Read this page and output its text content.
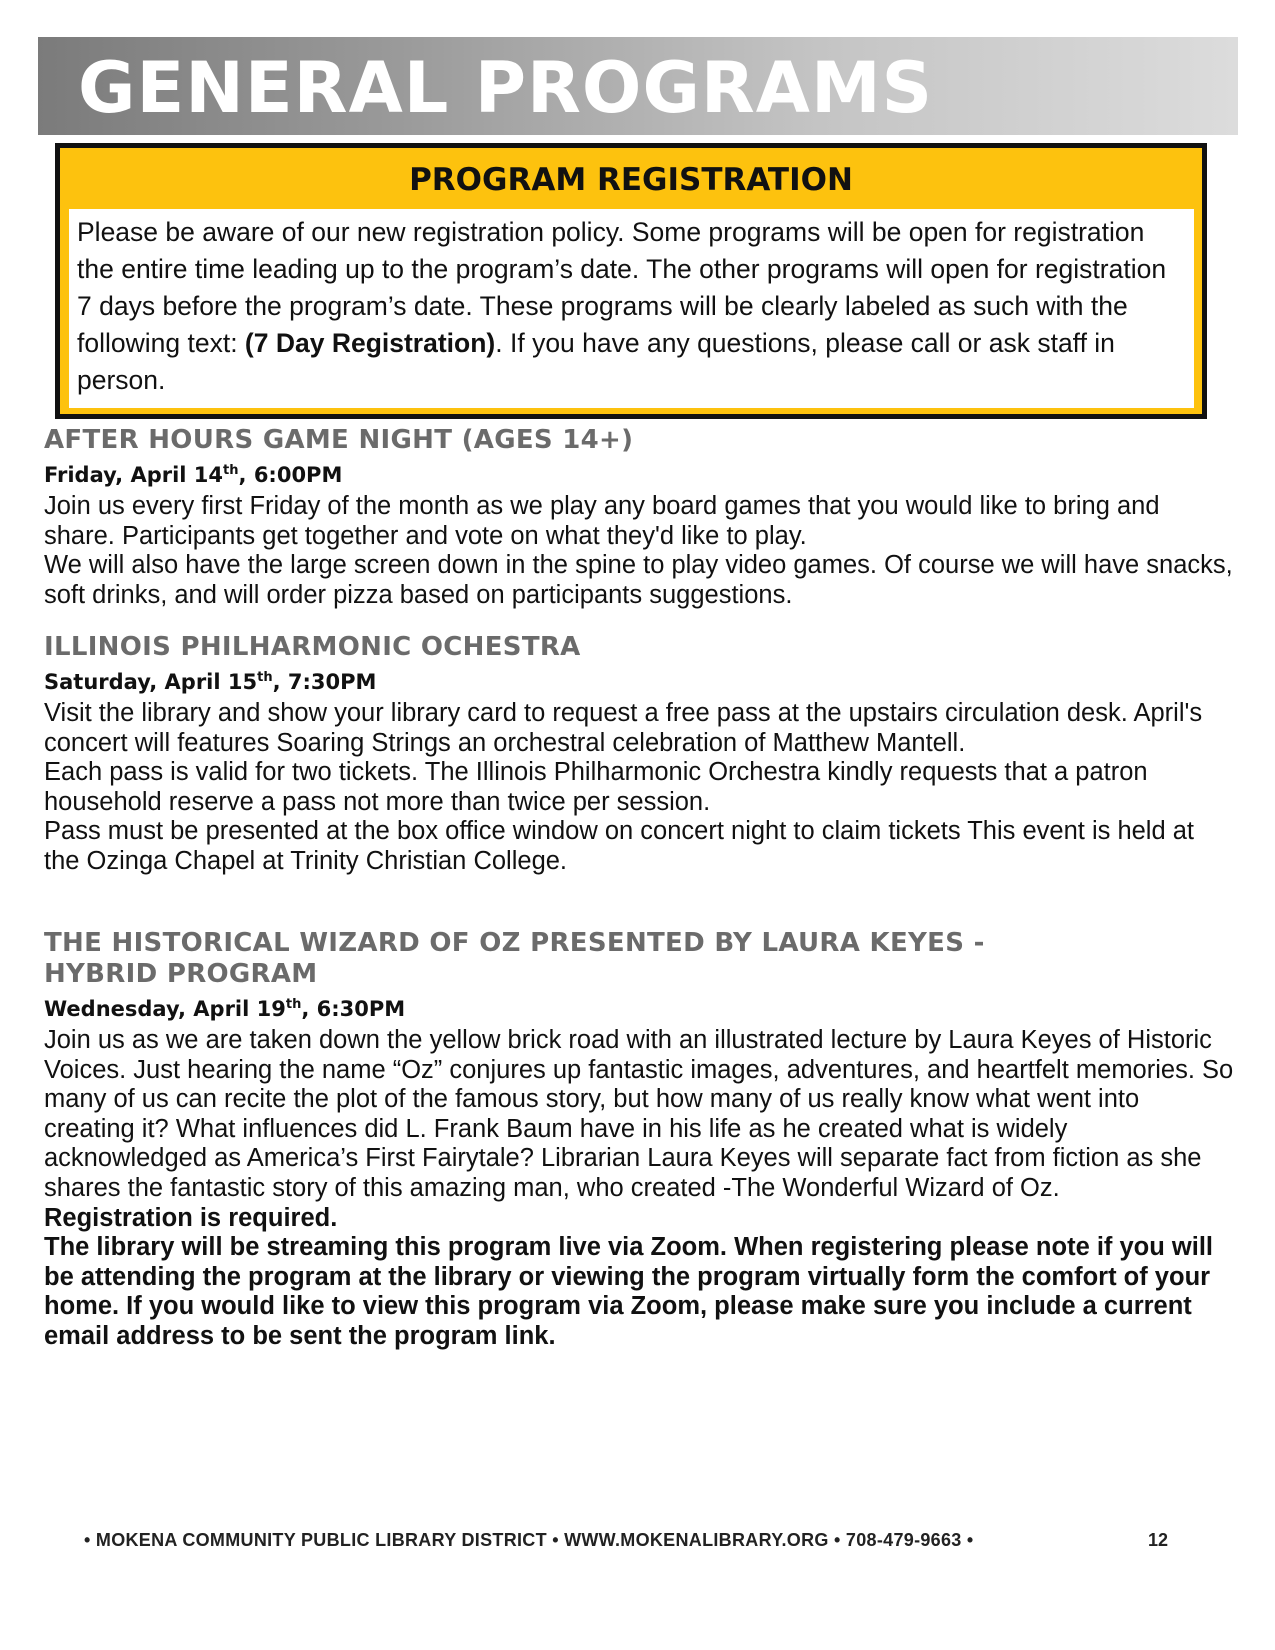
GENERAL PROGRAMS
PROGRAM REGISTRATION
Please be aware of our new registration policy. Some programs will be open for registration the entire time leading up to the program’s date. The other programs will open for registration 7 days before the program’s date. These programs will be clearly labeled as such with the following text: (7 Day Registration). If you have any questions, please call or ask staff in person.
AFTER HOURS GAME NIGHT (AGES 14+)
Friday, April 14th, 6:00PM

Join us every first Friday of the month as we play any board games that you would like to bring and share. Participants get together and vote on what they'd like to play.

We will also have the large screen down in the spine to play video games. Of course we will have snacks, soft drinks, and will order pizza based on participants suggestions.

ILLINOIS PHILHARMONIC OCHESTRA
Saturday, April 15th, 7:30PM

Visit the library and show your library card to request a free pass at the upstairs circulation desk. April's concert will features Soaring Strings an orchestral celebration of Matthew Mantell.

Each pass is valid for two tickets. The Illinois Philharmonic Orchestra kindly requests that a patron household reserve a pass not more than twice per session.

Pass must be presented at the box office window on concert night to claim tickets This event is held at the Ozinga Chapel at Trinity Christian College.

THE HISTORICAL WIZARD OF OZ PRESENTED BY LAURA KEYES -
HYBRID PROGRAM
Wednesday, April 19th, 6:30PM

Join us as we are taken down the yellow brick road with an illustrated lecture by Laura Keyes of Historic Voices. Just hearing the name “Oz” conjures up fantastic images, adventures, and heartfelt memories. So many of us can recite the plot of the famous story, but how many of us really know what went into creating it? What influences did L. Frank Baum have in his life as he created what is widely acknowledged as America’s First Fairytale? Librarian Laura Keyes will separate fact from fiction as she shares the fantastic story of this amazing man, who created -The Wonderful Wizard of Oz.

Registration is required.

The library will be streaming this program live via Zoom. When registering please note if you will be attending the program at the library or viewing the program virtually form the comfort of your home. If you would like to view this program via Zoom, please make sure you include a current email address to be sent the program link.

• MOKENA COMMUNITY PUBLIC LIBRARY DISTRICT • WWW.MOKENALIBRARY.ORG • 708-479-9663 •	12
